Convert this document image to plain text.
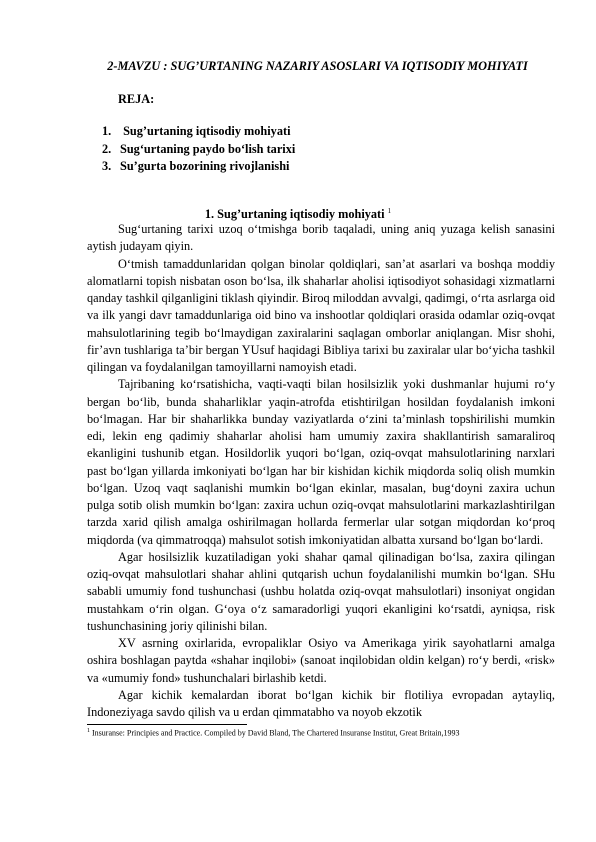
2-MAVZU : SUG’URTANING NAZARIY ASOSLARI VA IQTISODIY MOHIYATI
REJA:
1. Sug’urtaning iqtisodiy mohiyati
2. Sug‘urtaning paydo bo‘lish tarixi
3. Su’gurta bozorining rivojlanishi
1. Sug’urtaning iqtisodiy mohiyati $^1$

Sug‘urtaning tarixi uzoq o‘tmishga borib taqaladi, uning aniq yuzaga kelish sanasini aytish judayam qiyin.

O‘tmish tamaddunlaridan qolgan binolar qoldiqlari, san’at asarlari va boshqa moddiy alomatlarni topish nisbatan oson bo‘lsa, ilk shaharlar aholisi iqtisodiyot sohasidagi xizmatlarni qanday tashkil qilganligini tiklash qiyindir. Biroq miloddan avvalgi, qadimgi, o‘rta asrlarga oid va ilk yangi davr tamaddunlariga oid bino va inshootlar qoldiqlari orasida odamlar oziq-ovqat mahsulotlarining tegib bo‘lmaydigan zaxiralarini saqlagan omborlar aniqlangan. Misr shohi, fir’avn tushlariga ta’bir bergan YUsuf haqidagi Bibliya tarixi bu zaxiralar ular bo‘yicha tashkil qilingan va foydalanilgan tamoyillarni namoyish etadi.

Tajribaning ko‘rsatishicha, vaqti-vaqti bilan hosilsizlik yoki dushmanlar hujumi ro‘y bergan bo‘lib, bunda shaharliklar yaqin-atrofda etishtirilgan hosildan foydalanish imkoni bo‘lmagan. Har bir shaharlikka bunday vaziyatlarda o‘zini ta’minlash topshirilishi mumkin edi, lekin eng qadimiy shaharlar aholisi ham umumiy zaxira shakllantirish samaraliroq ekanligini tushunib etgan. Hosildorlik yuqori bo‘lgan, oziq-ovqat mahsulotlarining narxlari past bo‘lgan yillarda imkoniyati bo‘lgan har bir kishidan kichik miqdorda soliq olish mumkin bo‘lgan. Uzoq vaqt saqlanishi mumkin bo‘lgan ekinlar, masalan, bug‘doyni zaxira uchun pulga sotib olish mumkin bo‘lgan: zaxira uchun oziq-ovqat mahsulotlarini markazlashtirilgan tarzda xarid qilish amalga oshirilmagan hollarda fermerlar ular sotgan miqdordan ko‘proq miqdorda (va qimmatroqqa) mahsulot sotish imkoniyatidan albatta xursand bo‘lgan bo‘lardi.

Agar hosilsizlik kuzatiladigan yoki shahar qamal qilinadigan bo‘lsa, zaxira qilingan oziq-ovqat mahsulotlari shahar ahlini qutqarish uchun foydalanilishi mumkin bo‘lgan. SHu sababli umumiy fond tushunchasi (ushbu holatda oziq-ovqat mahsulotlari) insoniyat ongidan mustahkam o‘rin olgan. G‘oya o‘z samaradorligi yuqori ekanligini ko‘rsatdi, ayniqsa, risk tushunchasining joriy qilinishi bilan.

XV asrning oxirlarida, evropaliklar Osiyo va Amerikaga yirik sayohatlarni amalga oshira boshlagan paytda «shahar inqilobi» (sanoat inqilobidan oldin kelgan) ro‘y berdi, «risk» va «umumiy fond» tushunchalari birlashib ketdi.

Agar kichik kemalardan iborat bo‘lgan kichik bir flotiliya evropadan aytayliq, Indoneziyaga savdo qilish va u erdan qimmatabho va noyob ekzotik

$^1$ Insuranse: Principies and Practice. Compiled by David Bland, The Chartered Insuranse Institut, Great Britain,1993
